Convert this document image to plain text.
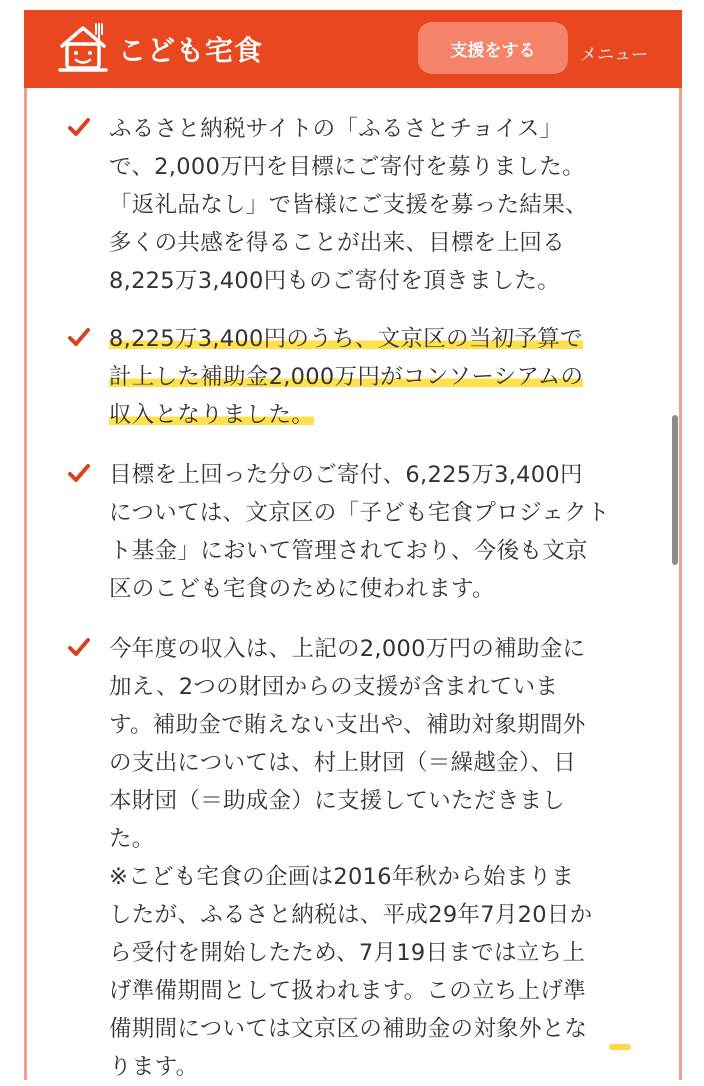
こども宅食	支援をする	メニュー
ふるさと納税サイトの「ふるさとチョイス」
で、2,000万円を目標にご寄付を募りました。
「返礼品なし」で皆様にご支援を募った結果、
多くの共感を得ることが出来、目標を上回る
8,225万3,400円ものご寄付を頂きました。
8,225万3,400円のうち、文京区の当初予算で
計上した補助金2,000万円がコンソーシアムの
収入となりました。
目標を上回った分のご寄付、6,225万3,400円
については、文京区の「子ども宅食プロジェクト
ト基金」において管理されており、今後も文京
区のこども宅食のために使われます。
今年度の収入は、上記の2,000万円の補助金に
加え、2つの財団からの支援が含まれていま
す。補助金で賄えない支出や、補助対象期間外
の支出については、村上財団（＝繰越金）、日
本財団（＝助成金）に支援していただきまし
た。
※こども宅食の企画は2016年秋から始まりま
したが、ふるさと納税は、平成29年7月20日か
ら受付を開始したため、7月19日までは立ち上
げ準備期間として扱われます。この立ち上げ準
備期間については文京区の補助金の対象外とな
ります。
